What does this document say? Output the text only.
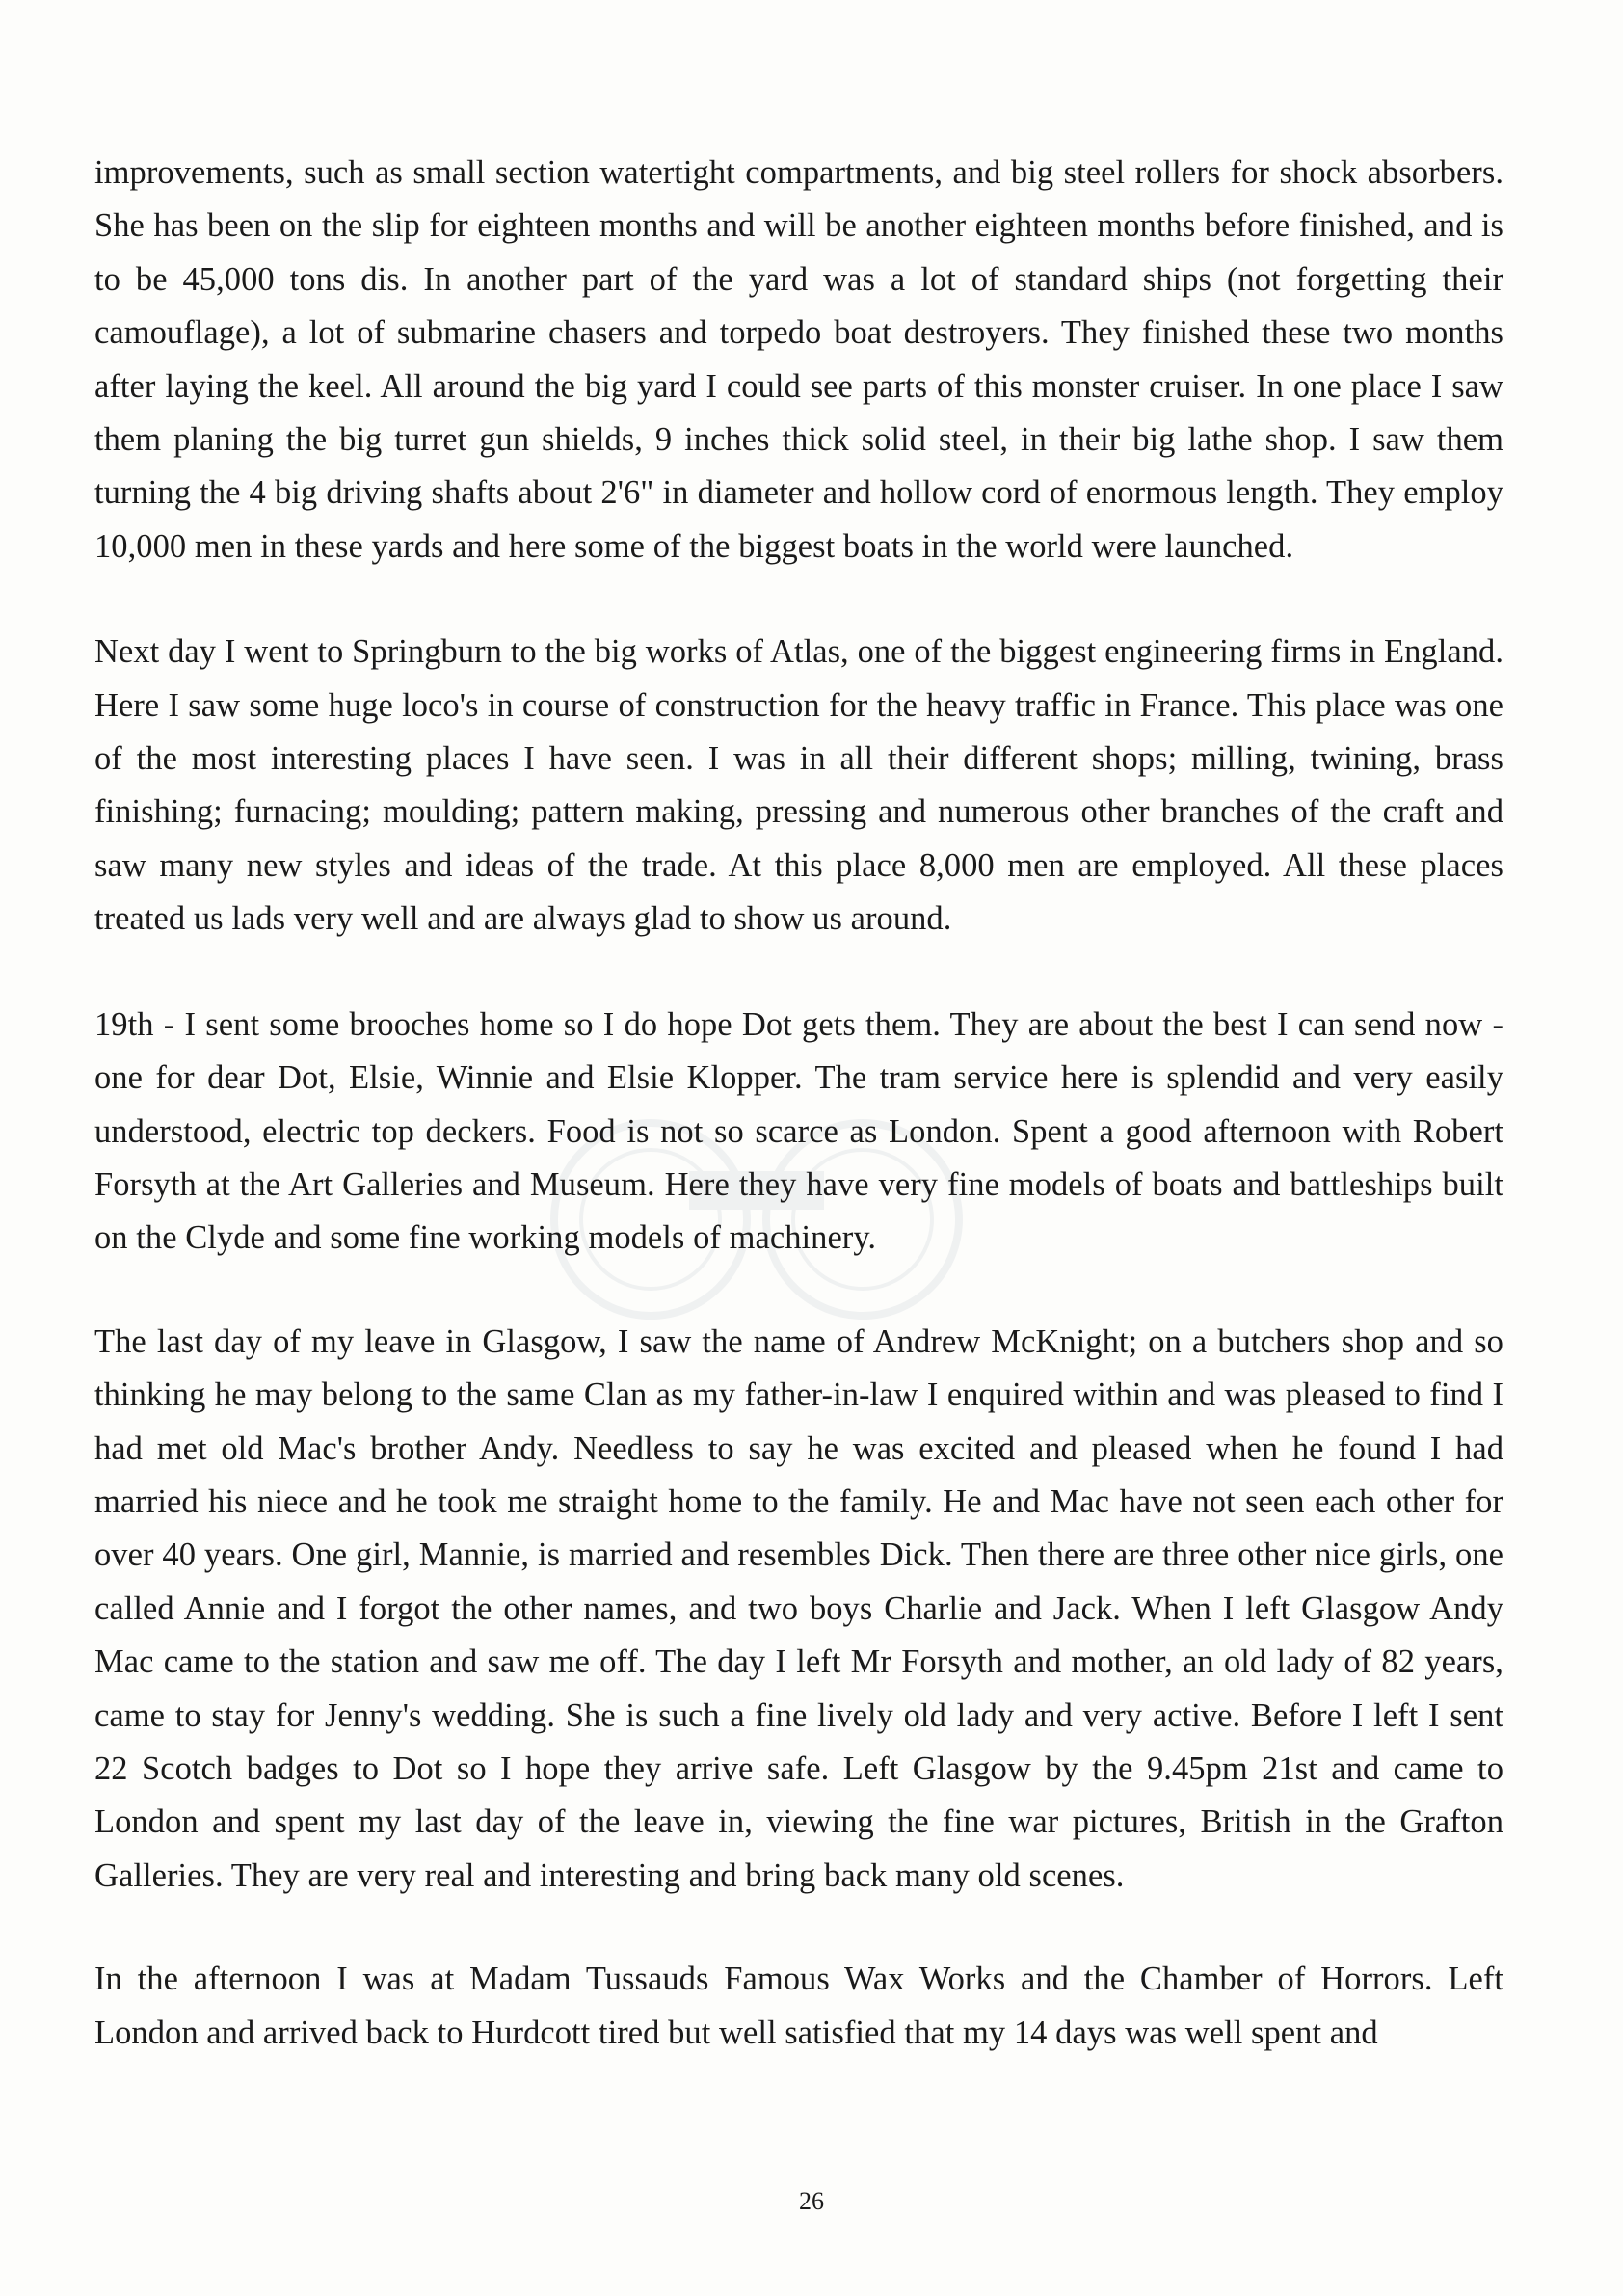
improvements, such as small section watertight compartments, and big steel rollers for shock absorbers. She has been on the slip for eighteen months and will be another eighteen months before finished, and is to be 45,000 tons dis. In another part of the yard was a lot of standard ships (not forgetting their camouflage), a lot of submarine chasers and torpedo boat destroyers. They finished these two months after laying the keel. All around the big yard I could see parts of this monster cruiser. In one place I saw them planing the big turret gun shields, 9 inches thick solid steel, in their big lathe shop. I saw them turning the 4 big driving shafts about 2'6" in diameter and hollow cord of enormous length. They employ 10,000 men in these yards and here some of the biggest boats in the world were launched.

Next day I went to Springburn to the big works of Atlas, one of the biggest engineering firms in England. Here I saw some huge loco's in course of construction for the heavy traffic in France. This place was one of the most interesting places I have seen. I was in all their different shops; milling, twining, brass finishing; furnacing; moulding; pattern making, pressing and numerous other branches of the craft and saw many new styles and ideas of the trade. At this place 8,000 men are employed. All these places treated us lads very well and are always glad to show us around.

19th - I sent some brooches home so I do hope Dot gets them. They are about the best I can send now - one for dear Dot, Elsie, Winnie and Elsie Klopper. The tram service here is splendid and very easily understood, electric top deckers. Food is not so scarce as London. Spent a good afternoon with Robert Forsyth at the Art Galleries and Museum. Here they have very fine models of boats and battleships built on the Clyde and some fine working models of machinery.

The last day of my leave in Glasgow, I saw the name of Andrew McKnight; on a butchers shop and so thinking he may belong to the same Clan as my father-in-law I enquired within and was pleased to find I had met old Mac's brother Andy. Needless to say he was excited and pleased when he found I had married his niece and he took me straight home to the family. He and Mac have not seen each other for over 40 years. One girl, Mannie, is married and resembles Dick. Then there are three other nice girls, one called Annie and I forgot the other names, and two boys Charlie and Jack. When I left Glasgow Andy Mac came to the station and saw me off. The day I left Mr Forsyth and mother, an old lady of 82 years, came to stay for Jenny's wedding. She is such a fine lively old lady and very active. Before I left I sent 22 Scotch badges to Dot so I hope they arrive safe. Left Glasgow by the 9.45pm 21st and came to London and spent my last day of the leave in, viewing the fine war pictures, British in the Grafton Galleries. They are very real and interesting and bring back many old scenes.

In the afternoon I was at Madam Tussauds Famous Wax Works and the Chamber of Horrors. Left London and arrived back to Hurdcott tired but well satisfied that my 14 days was well spent and

26
